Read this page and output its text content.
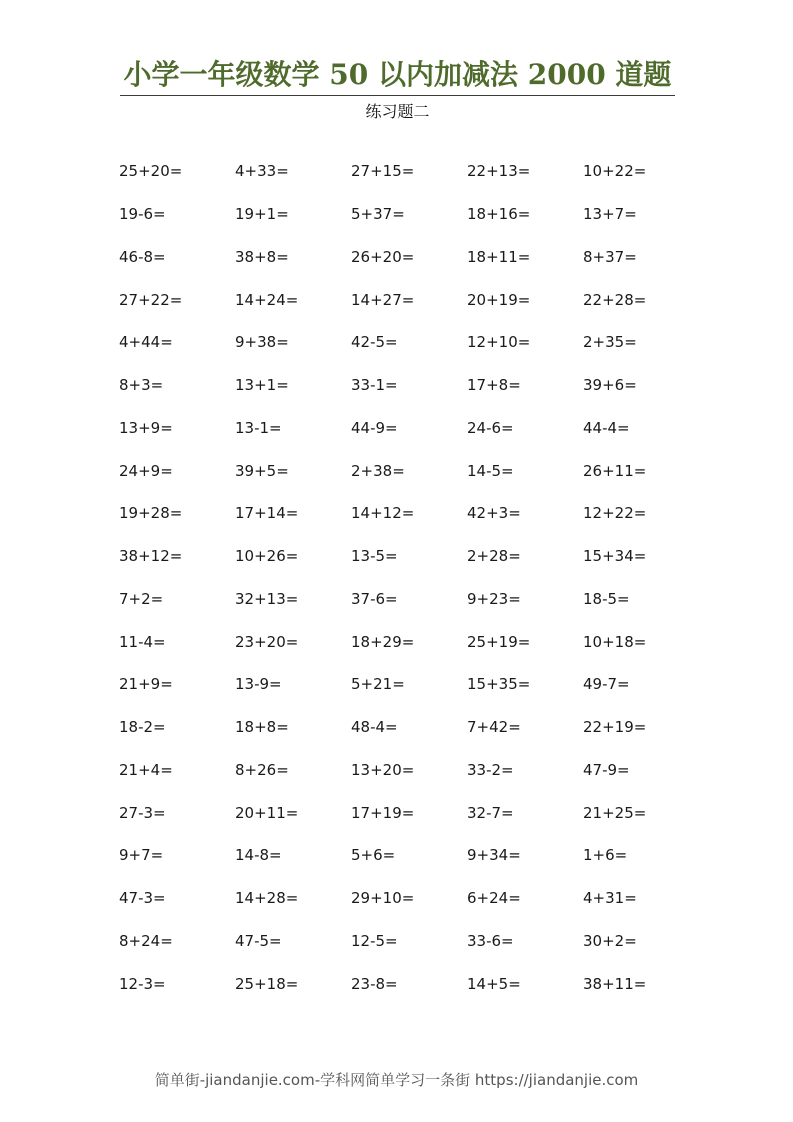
小学一年级数学 50 以内加减法 2000 道题
练习题二
25+20=	4+33=	27+15=	22+13=	10+22=
19-6=	19+1=	5+37=	18+16=	13+7=
46-8=	38+8=	26+20=	18+11=	8+37=
27+22=	14+24=	14+27=	20+19=	22+28=
4+44=	9+38=	42-5=	12+10=	2+35=
8+3=	13+1=	33-1=	17+8=	39+6=
13+9=	13-1=	44-9=	24-6=	44-4=
24+9=	39+5=	2+38=	14-5=	26+11=
19+28=	17+14=	14+12=	42+3=	12+22=
38+12=	10+26=	13-5=	2+28=	15+34=
7+2=	32+13=	37-6=	9+23=	18-5=
11-4=	23+20=	18+29=	25+19=	10+18=
21+9=	13-9=	5+21=	15+35=	49-7=
18-2=	18+8=	48-4=	7+42=	22+19=
21+4=	8+26=	13+20=	33-2=	47-9=
27-3=	20+11=	17+19=	32-7=	21+25=
9+7=	14-8=	5+6=	9+34=	1+6=
47-3=	14+28=	29+10=	6+24=	4+31=
8+24=	47-5=	12-5=	33-6=	30+2=
12-3=	25+18=	23-8=	14+5=	38+11=
简单街-jiandanjie.com-学科网简单学习一条街 https://jiandanjie.com
